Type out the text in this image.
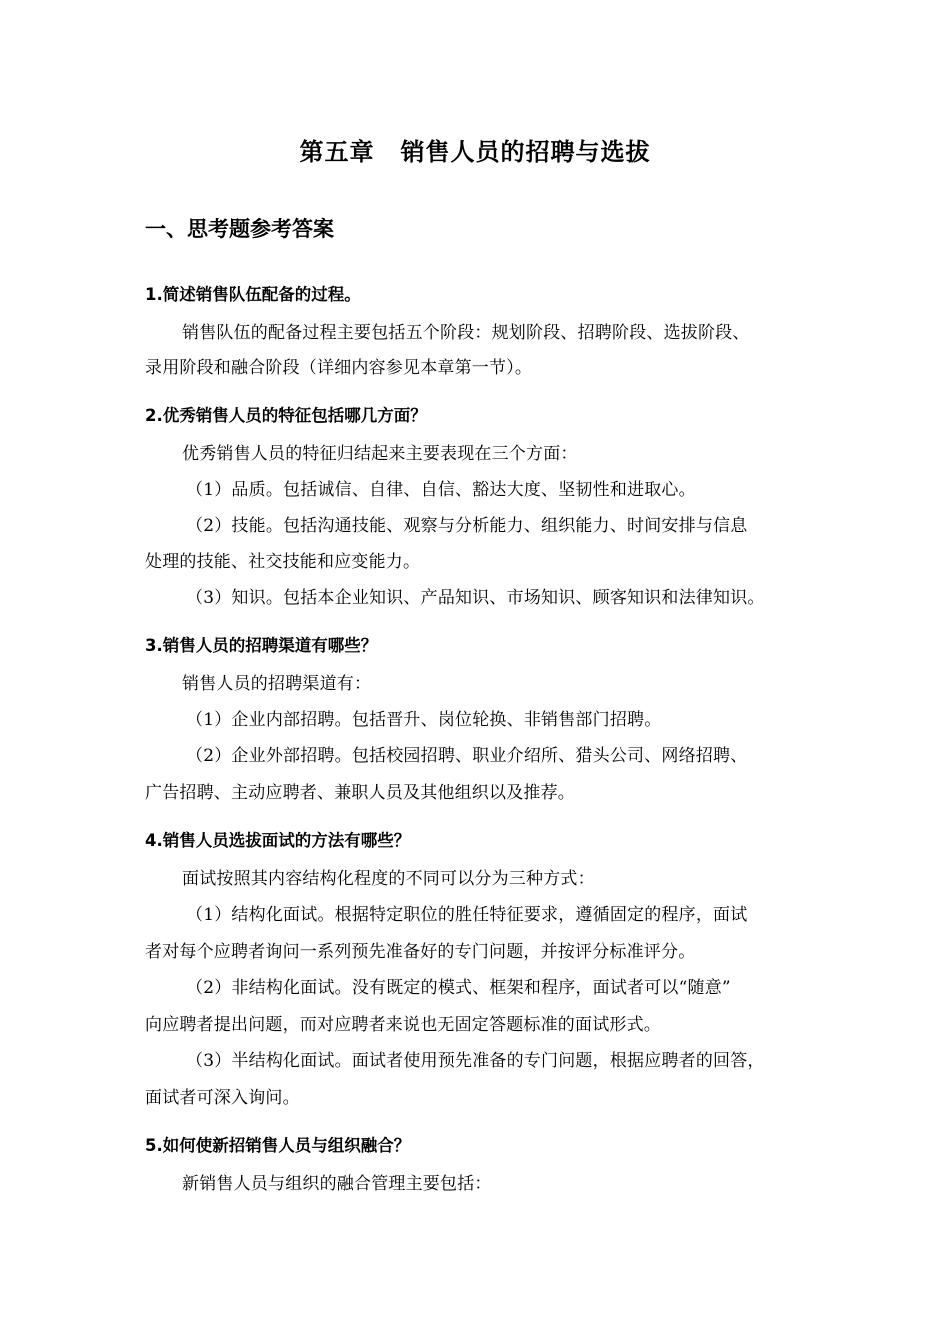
第五章 销售人员的招聘与选拔
一、思考题参考答案
1.简述销售队伍配备的过程。
销售队伍的配备过程主要包括五个阶段：规划阶段、招聘阶段、选拔阶段、
录用阶段和融合阶段（详细内容参见本章第一节）。
2.优秀销售人员的特征包括哪几方面？
优秀销售人员的特征归结起来主要表现在三个方面：
（1）品质。包括诚信、自律、自信、豁达大度、坚韧性和进取心。
（2）技能。包括沟通技能、观察与分析能力、组织能力、时间安排与信息
处理的技能、社交技能和应变能力。
（3）知识。包括本企业知识、产品知识、市场知识、顾客知识和法律知识。
3.销售人员的招聘渠道有哪些？
销售人员的招聘渠道有：
（1）企业内部招聘。包括晋升、岗位轮换、非销售部门招聘。
（2）企业外部招聘。包括校园招聘、职业介绍所、猎头公司、网络招聘、
广告招聘、主动应聘者、兼职人员及其他组织以及推荐。
4.销售人员选拔面试的方法有哪些？
面试按照其内容结构化程度的不同可以分为三种方式：
（1）结构化面试。根据特定职位的胜任特征要求，遵循固定的程序，面试
者对每个应聘者询问一系列预先准备好的专门问题，并按评分标准评分。
（2）非结构化面试。没有既定的模式、框架和程序，面试者可以“随意”
向应聘者提出问题，而对应聘者来说也无固定答题标准的面试形式。
（3）半结构化面试。面试者使用预先准备的专门问题，根据应聘者的回答，
面试者可深入询问。
5.如何使新招销售人员与组织融合？
新销售人员与组织的融合管理主要包括：
